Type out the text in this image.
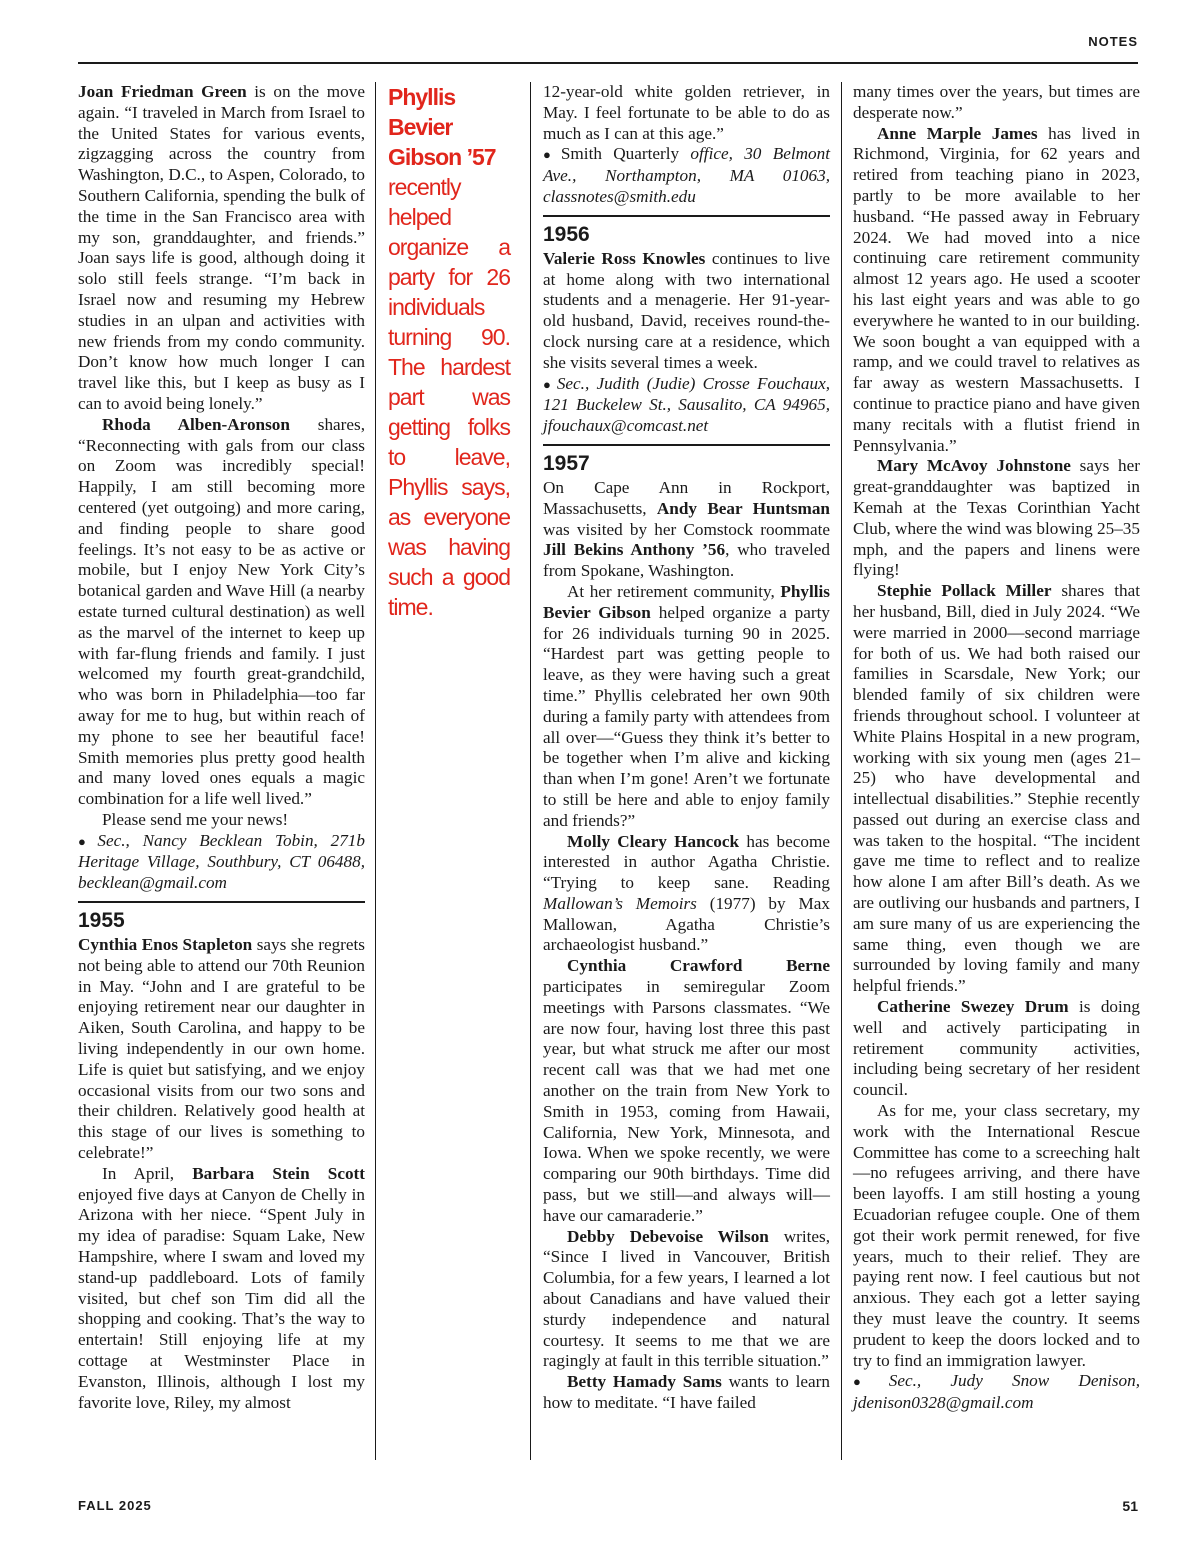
NOTES

Joan Friedman Green is on the move again. “I traveled in March from Israel to the United States for various events, zigzagging across the country from Washington, D.C., to Aspen, Colorado, to Southern California, spending the bulk of the time in the San Francisco area with my son, granddaughter, and friends.” Joan says life is good, although doing it solo still feels strange. “I’m back in Israel now and resuming my Hebrew studies in an ulpan and activities with new friends from my condo community. Don’t know how much longer I can travel like this, but I keep as busy as I can to avoid being lonely.”

Rhoda Alben-Aronson shares, “Reconnecting with gals from our class on Zoom was incredibly special! Happily, I am still becoming more centered (yet outgoing) and more caring, and finding people to share good feelings. It’s not easy to be as active or mobile, but I enjoy New York City’s botanical garden and Wave Hill (a nearby estate turned cultural destination) as well as the marvel of the internet to keep up with far-flung friends and family. I just welcomed my fourth great-grandchild, who was born in Philadelphia—too far away for me to hug, but within reach of my phone to see her beautiful face! Smith memories plus pretty good health and many loved ones equals a magic combination for a life well lived.”

Please send me your news!

● Sec., Nancy Becklean Tobin, 271b Heritage Village, Southbury, CT 06488, becklean@gmail.com

1955

Cynthia Enos Stapleton says she regrets not being able to attend our 70th Reunion in May. “John and I are grateful to be enjoying retirement near our daughter in Aiken, South Carolina, and happy to be living independently in our own home. Life is quiet but satisfying, and we enjoy occasional visits from our two sons and their children. Relatively good health at this stage of our lives is something to celebrate!”

In April, Barbara Stein Scott enjoyed five days at Canyon de Chelly in Arizona with her niece. “Spent July in my idea of paradise: Squam Lake, New Hampshire, where I swam and loved my stand-up paddleboard. Lots of family visited, but chef son Tim did all the shopping and cooking. That’s the way to entertain! Still enjoying life at my cottage at Westminster Place in Evanston, Illinois, although I lost my favorite love, Riley, my almost

Phyllis Bevier Gibson ’57
recently helped organize a party for 26 individuals turning 90. The hardest part was getting folks to leave, Phyllis says, as everyone was having such a good time.

12-year-old white golden retriever, in May. I feel fortunate to be able to do as much as I can at this age.”

● Smith Quarterly office, 30 Belmont Ave., Northampton, MA 01063, classnotes@smith.edu

1956

Valerie Ross Knowles continues to live at home along with two international students and a menagerie. Her 91-year-old husband, David, receives round-the-clock nursing care at a residence, which she visits several times a week.

● Sec., Judith (Judie) Crosse Fouchaux, 121 Buckelew St., Sausalito, CA 94965, jfouchaux@comcast.net

1957

On Cape Ann in Rockport, Massachusetts, Andy Bear Huntsman was visited by her Comstock roommate Jill Bekins Anthony ’56, who traveled from Spokane, Washington.

At her retirement community, Phyllis Bevier Gibson helped organize a party for 26 individuals turning 90 in 2025. “Hardest part was getting people to leave, as they were having such a great time.” Phyllis celebrated her own 90th during a family party with attendees from all over—“Guess they think it’s better to be together when I’m alive and kicking than when I’m gone! Aren’t we fortunate to still be here and able to enjoy family and friends?”

Molly Cleary Hancock has become interested in author Agatha Christie. “Trying to keep sane. Reading Mallowan’s Memoirs (1977) by Max Mallowan, Agatha Christie’s archaeologist husband.”

Cynthia Crawford Berne participates in semiregular Zoom meetings with Parsons classmates. “We are now four, having lost three this past year, but what struck me after our most recent call was that we had met one another on the train from New York to Smith in 1953, coming from Hawaii, California, New York, Minnesota, and Iowa. When we spoke recently, we were comparing our 90th birthdays. Time did pass, but we still—and always will—have our camaraderie.”

Debby Debevoise Wilson writes, “Since I lived in Vancouver, British Columbia, for a few years, I learned a lot about Canadians and have valued their sturdy independence and natural courtesy. It seems to me that we are ragingly at fault in this terrible situation.”

Betty Hamady Sams wants to learn how to meditate. “I have failed

many times over the years, but times are desperate now.”

Anne Marple James has lived in Richmond, Virginia, for 62 years and retired from teaching piano in 2023, partly to be more available to her husband. “He passed away in February 2024. We had moved into a nice continuing care retirement community almost 12 years ago. He used a scooter his last eight years and was able to go everywhere he wanted to in our building. We soon bought a van equipped with a ramp, and we could travel to relatives as far away as western Massachusetts. I continue to practice piano and have given many recitals with a flutist friend in Pennsylvania.”

Mary McAvoy Johnstone says her great-granddaughter was baptized in Kemah at the Texas Corinthian Yacht Club, where the wind was blowing 25–35 mph, and the papers and linens were flying!

Stephie Pollack Miller shares that her husband, Bill, died in July 2024. “We were married in 2000—second marriage for both of us. We had both raised our families in Scarsdale, New York; our blended family of six children were friends throughout school. I volunteer at White Plains Hospital in a new program, working with six young men (ages 21–25) who have developmental and intellectual disabilities.” Stephie recently passed out during an exercise class and was taken to the hospital. “The incident gave me time to reflect and to realize how alone I am after Bill’s death. As we are outliving our husbands and partners, I am sure many of us are experiencing the same thing, even though we are surrounded by loving family and many helpful friends.”

Catherine Swezey Drum is doing well and actively participating in retirement community activities, including being secretary of her resident council.

As for me, your class secretary, my work with the International Rescue Committee has come to a screeching halt—no refugees arriving, and there have been layoffs. I am still hosting a young Ecuadorian refugee couple. One of them got their work permit renewed, for five years, much to their relief. They are paying rent now. I feel cautious but not anxious. They each got a letter saying they must leave the country. It seems prudent to keep the doors locked and to try to find an immigration lawyer.

● Sec., Judy Snow Denison, jdenison0328@gmail.com

FALL 2025	51
